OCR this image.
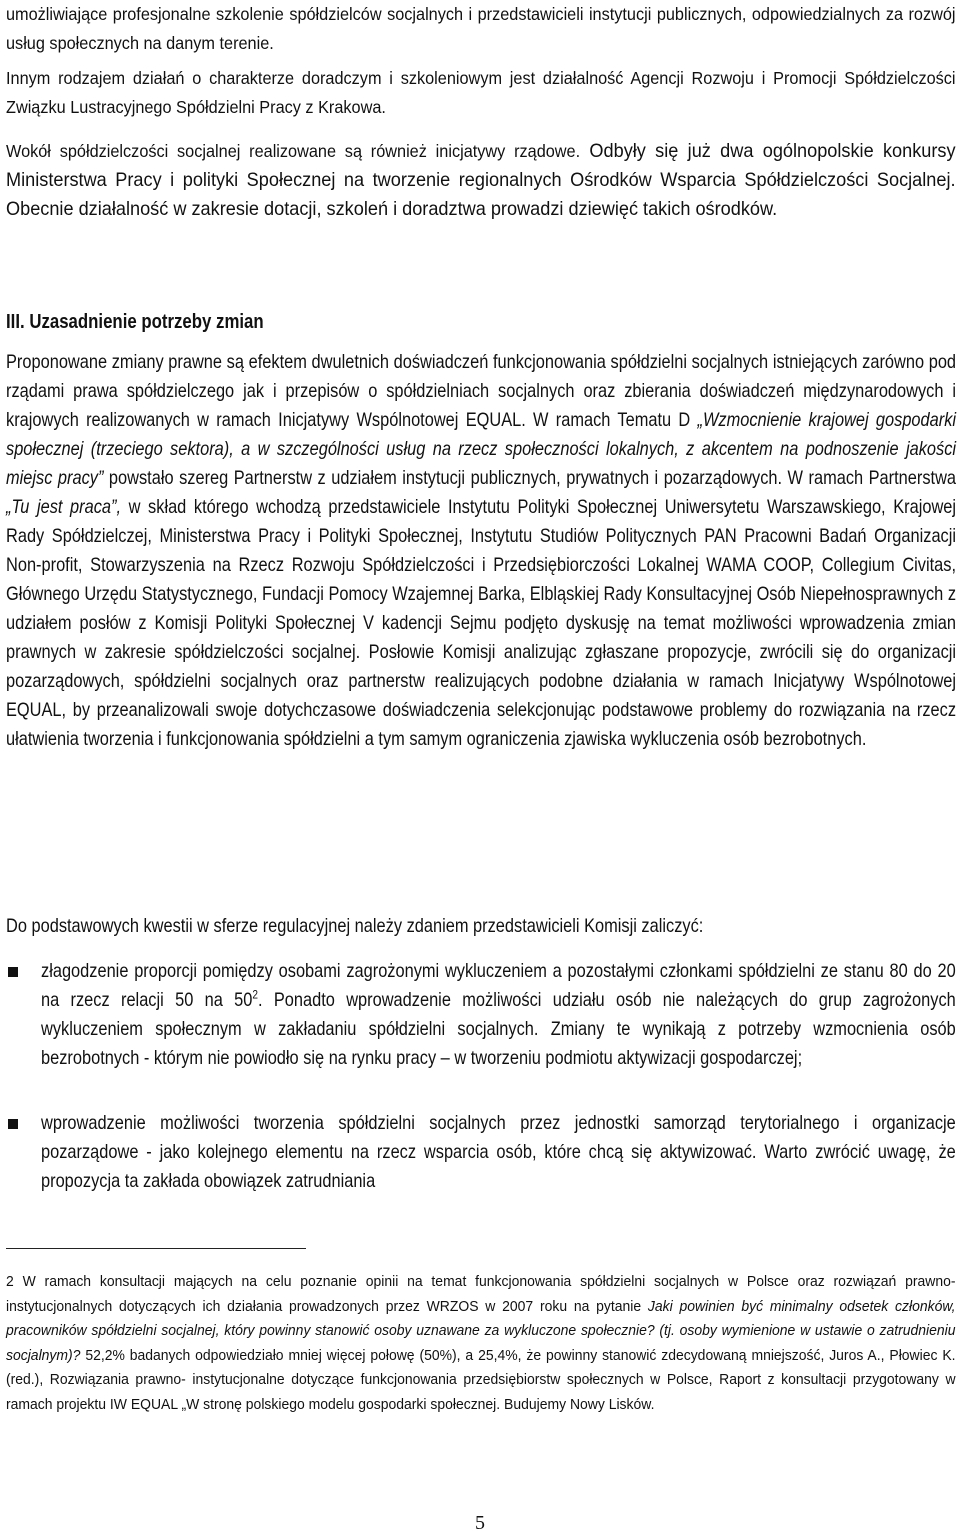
umożliwiające profesjonalne szkolenie spółdzielców socjalnych i przedstawicieli instytucji publicznych, odpowiedzialnych za rozwój usług społecznych na danym terenie.

Innym rodzajem działań o charakterze doradczym i szkoleniowym jest działalność Agencji Rozwoju i Promocji Spółdzielczości Związku Lustracyjnego Spółdzielni Pracy z Krakowa.

Wokół spółdzielczości socjalnej realizowane są również inicjatywy rządowe. Odbyły się już dwa ogólnopolskie konkursy Ministerstwa Pracy i polityki Społecznej na tworzenie regionalnych Ośrodków Wsparcia Spółdzielczości Socjalnej. Obecnie działalność w zakresie dotacji, szkoleń i doradztwa prowadzi dziewięć takich ośrodków.

III. Uzasadnienie potrzeby zmian

Proponowane zmiany prawne są efektem dwuletnich doświadczeń funkcjonowania spółdzielni socjalnych istniejących zarówno pod rządami prawa spółdzielczego jak i przepisów o spółdzielniach socjalnych oraz zbierania doświadczeń międzynarodowych i krajowych realizowanych w ramach Inicjatywy Wspólnotowej EQUAL. W ramach Tematu D „Wzmocnienie krajowej gospodarki społecznej (trzeciego sektora), a w szczególności usług na rzecz społeczności lokalnych, z akcentem na podnoszenie jakości miejsc pracy” powstało szereg Partnerstw z udziałem instytucji publicznych, prywatnych i pozarządowych. W ramach Partnerstwa „Tu jest praca”, w skład którego wchodzą przedstawiciele Instytutu Polityki Społecznej Uniwersytetu Warszawskiego, Krajowej Rady Spółdzielczej, Ministerstwa Pracy i Polityki Społecznej, Instytutu Studiów Politycznych PAN Pracowni Badań Organizacji Non-profit, Stowarzyszenia na Rzecz Rozwoju Spółdzielczości i Przedsiębiorczości Lokalnej WAMA COOP, Collegium Civitas, Głównego Urzędu Statystycznego, Fundacji Pomocy Wzajemnej Barka, Elbląskiej Rady Konsultacyjnej Osób Niepełnosprawnych z udziałem posłów z Komisji Polityki Społecznej V kadencji Sejmu podjęto dyskusję na temat możliwości wprowadzenia zmian prawnych w zakresie spółdzielczości socjalnej. Posłowie Komisji analizując zgłaszane propozycje, zwrócili się do organizacji pozarządowych, spółdzielni socjalnych oraz partnerstw realizujących podobne działania w ramach Inicjatywy Wspólnotowej EQUAL, by przeanalizowali swoje dotychczasowe doświadczenia selekcjonując podstawowe problemy do rozwiązania na rzecz ułatwienia tworzenia i funkcjonowania spółdzielni a tym samym ograniczenia zjawiska wykluczenia osób bezrobotnych.

Do podstawowych kwestii w sferze regulacyjnej należy zdaniem przedstawicieli Komisji zaliczyć:

złagodzenie proporcji pomiędzy osobami zagrożonymi wykluczeniem a pozostałymi członkami spółdzielni ze stanu 80 do 20 na rzecz relacji 50 na $50^2$. Ponadto wprowadzenie możliwości udziału osób nie należących do grup zagrożonych wykluczeniem społecznym w zakładaniu spółdzielni socjalnych. Zmiany te wynikają z potrzeby wzmocnienia osób bezrobotnych - którym nie powiodło się na rynku pracy – w tworzeniu podmiotu aktywizacji gospodarczej;

wprowadzenie możliwości tworzenia spółdzielni socjalnych przez jednostki samorząd terytorialnego i organizacje pozarządowe - jako kolejnego elementu na rzecz wsparcia osób, które chcą się aktywizować. Warto zwrócić uwagę, że propozycja ta zakłada obowiązek zatrudniania

2 W ramach konsultacji mających na celu poznanie opinii na temat funkcjonowania spółdzielni socjalnych w Polsce oraz rozwiązań prawno- instytucjonalnych dotyczących ich działania prowadzonych przez WRZOS w 2007 roku na pytanie Jaki powinien być minimalny odsetek członków, pracowników spółdzielni socjalnej, który powinny stanowić osoby uznawane za wykluczone społecznie? (tj. osoby wymienione w ustawie o zatrudnieniu socjalnym)? 52,2% badanych odpowiedziało mniej więcej połowę (50%), a 25,4%, że powinny stanowić zdecydowaną mniejszość, Juros A., Płowiec K. (red.), Rozwiązania prawno- instytucjonalne dotyczące funkcjonowania przedsiębiorstw społecznych w Polsce, Raport z konsultacji przygotowany w ramach projektu IW EQUAL „W stronę polskiego modelu gospodarki społecznej. Budujemy Nowy Lisków.

5
